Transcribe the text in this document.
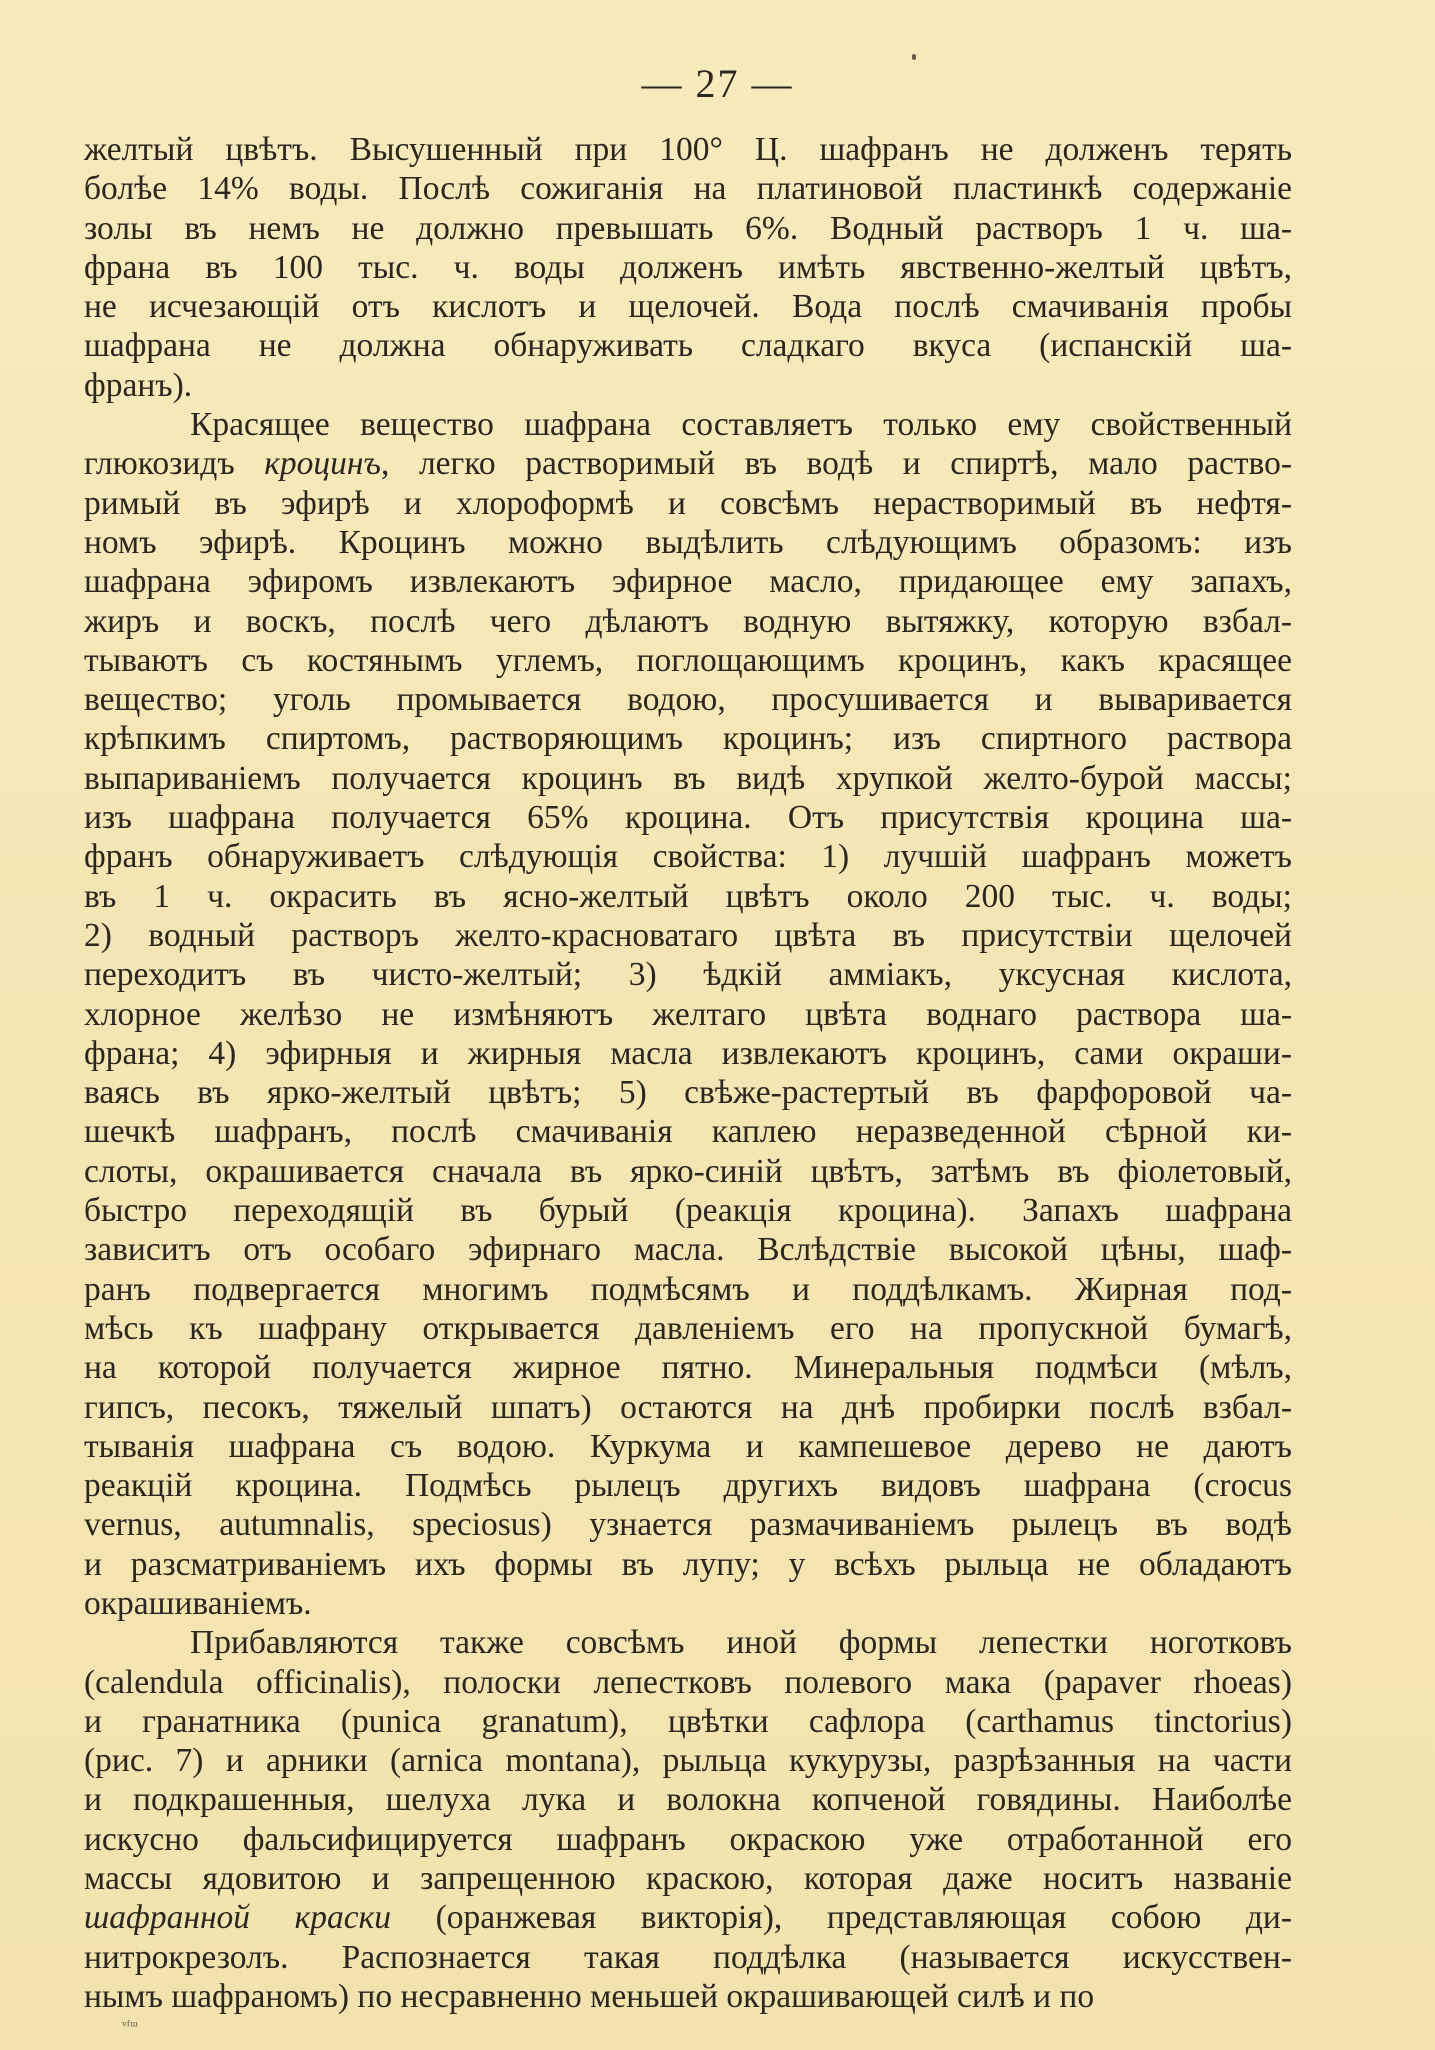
— 27 —
желтый цвѣтъ. Высушенный при 100° Ц. шафранъ не долженъ терять
болѣе 14% воды. Послѣ сожиганія на платиновой пластинкѣ содержаніе
золы въ немъ не должно превышать 6%. Водный растворъ 1 ч. ша-
франа въ 100 тыс. ч. воды долженъ имѣть явственно-желтый цвѣтъ,
не исчезающій отъ кислотъ и щелочей. Вода послѣ смачиванія пробы
шафрана не должна обнаруживать сладкаго вкуса (испанскій ша-
франъ).
Красящее вещество шафрана составляетъ только ему свойственный
глюкозидъ кроцинъ, легко растворимый въ водѣ и спиртѣ, мало раство-
римый въ эфирѣ и хлороформѣ и совсѣмъ нерастворимый въ нефтя-
номъ эфирѣ. Кроцинъ можно выдѣлить слѣдующимъ образомъ: изъ
шафрана эфиромъ извлекаютъ эфирное масло, придающее ему запахъ,
жиръ и воскъ, послѣ чего дѣлаютъ водную вытяжку, которую взбал-
тываютъ съ костянымъ углемъ, поглощающимъ кроцинъ, какъ красящее
вещество; уголь промывается водою, просушивается и вываривается
крѣпкимъ спиртомъ, растворяющимъ кроцинъ; изъ спиртного раствора
выпариваніемъ получается кроцинъ въ видѣ хрупкой желто-бурой массы;
изъ шафрана получается 65% кроцина. Отъ присутствія кроцина ша-
франъ обнаруживаетъ слѣдующія свойства: 1) лучшій шафранъ можетъ
въ 1 ч. окрасить въ ясно-желтый цвѣтъ около 200 тыс. ч. воды;
2) водный растворъ желто-красноватаго цвѣта въ присутствіи щелочей
переходитъ въ чисто-желтый; 3) ѣдкій амміакъ, уксусная кислота,
хлорное желѣзо не измѣняютъ желтаго цвѣта воднаго раствора ша-
франа; 4) эфирныя и жирныя масла извлекаютъ кроцинъ, сами окраши-
ваясь въ ярко-желтый цвѣтъ; 5) свѣже-растертый въ фарфоровой ча-
шечкѣ шафранъ, послѣ смачиванія каплею неразведенной сѣрной ки-
слоты, окрашивается сначала въ ярко-синій цвѣтъ, затѣмъ въ фіолетовый,
быстро переходящій въ бурый (реакція кроцина). Запахъ шафрана
зависитъ отъ особаго эфирнаго масла. Вслѣдствіе высокой цѣны, шаф-
ранъ подвергается многимъ подмѣсямъ и поддѣлкамъ. Жирная под-
мѣсь къ шафрану открывается давленіемъ его на пропускной бумагѣ,
на которой получается жирное пятно. Минеральныя подмѣси (мѣлъ,
гипсъ, песокъ, тяжелый шпатъ) остаются на днѣ пробирки послѣ взбал-
тыванія шафрана съ водою. Куркума и кампешевое дерево не даютъ
реакцій кроцина. Подмѣсь рылецъ другихъ видовъ шафрана (crocus
vernus, autumnalis, speciosus) узнается размачиваніемъ рылецъ въ водѣ
и разсматриваніемъ ихъ формы въ лупу; у всѣхъ рыльца не обладаютъ
окрашиваніемъ.
Прибавляются также совсѣмъ иной формы лепестки ноготковъ
(calendula officinalis), полоски лепестковъ полевого мака (papaver rhoeas)
и гранатника (punica granatum), цвѣтки сафлора (carthamus tinctorius)
(рис. 7) и арники (arnica montana), рыльца кукурузы, разрѣзанныя на части
и подкрашенныя, шелуха лука и волокна копченой говядины. Наиболѣе
искусно фальсифицируется шафранъ окраскою уже отработанной его
массы ядовитою и запрещенною краскою, которая даже носитъ названіе
шафранной краски (оранжевая викторія), представляющая собою ди-
нитрокрезолъ. Распознается такая поддѣлка (называется искусствен-
нымъ шафраномъ) по несравненно меньшей окрашивающей силѣ и по
ᵛᶠᵚ
